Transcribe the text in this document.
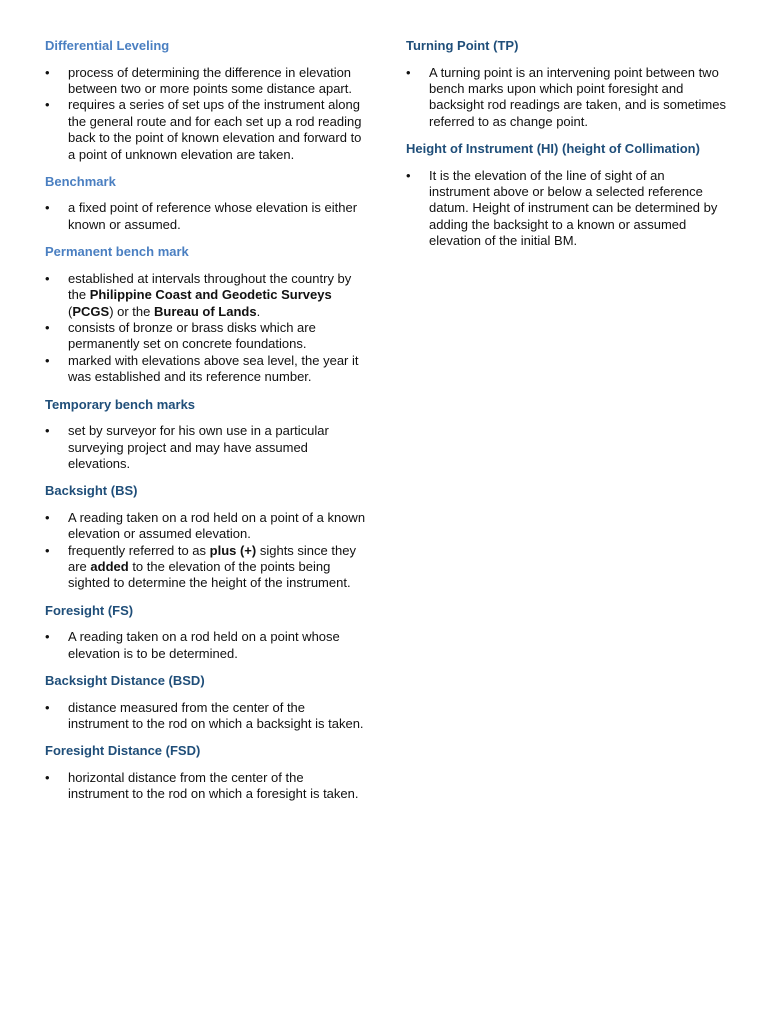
Differential Leveling
• process of determining the difference in elevation between two or more points some distance apart.
• requires a series of set ups of the instrument along the general route and for each set up a rod reading back to the point of known elevation and forward to a point of unknown elevation are taken.
Benchmark
• a fixed point of reference whose elevation is either known or assumed.
Permanent bench mark
• established at intervals throughout the country by the Philippine Coast and Geodetic Surveys (PCGS) or the Bureau of Lands.
• consists of bronze or brass disks which are permanently set on concrete foundations.
• marked with elevations above sea level, the year it was established and its reference number.
Temporary bench marks
• set by surveyor for his own use in a particular surveying project and may have assumed elevations.
Backsight (BS)
• A reading taken on a rod held on a point of a known elevation or assumed elevation.
• frequently referred to as plus (+) sights since they are added to the elevation of the points being sighted to determine the height of the instrument.
Foresight (FS)
• A reading taken on a rod held on a point whose elevation is to be determined.
Backsight Distance (BSD)
• distance measured from the center of the instrument to the rod on which a backsight is taken.
Foresight Distance (FSD)
• horizontal distance from the center of the instrument to the rod on which a foresight is taken.
Turning Point (TP)
• A turning point is an intervening point between two bench marks upon which point foresight and backsight rod readings are taken, and is sometimes referred to as change point.
Height of Instrument (HI) (height of Collimation)
• It is the elevation of the line of sight of an instrument above or below a selected reference datum. Height of instrument can be determined by adding the backsight to a known or assumed elevation of the initial BM.
